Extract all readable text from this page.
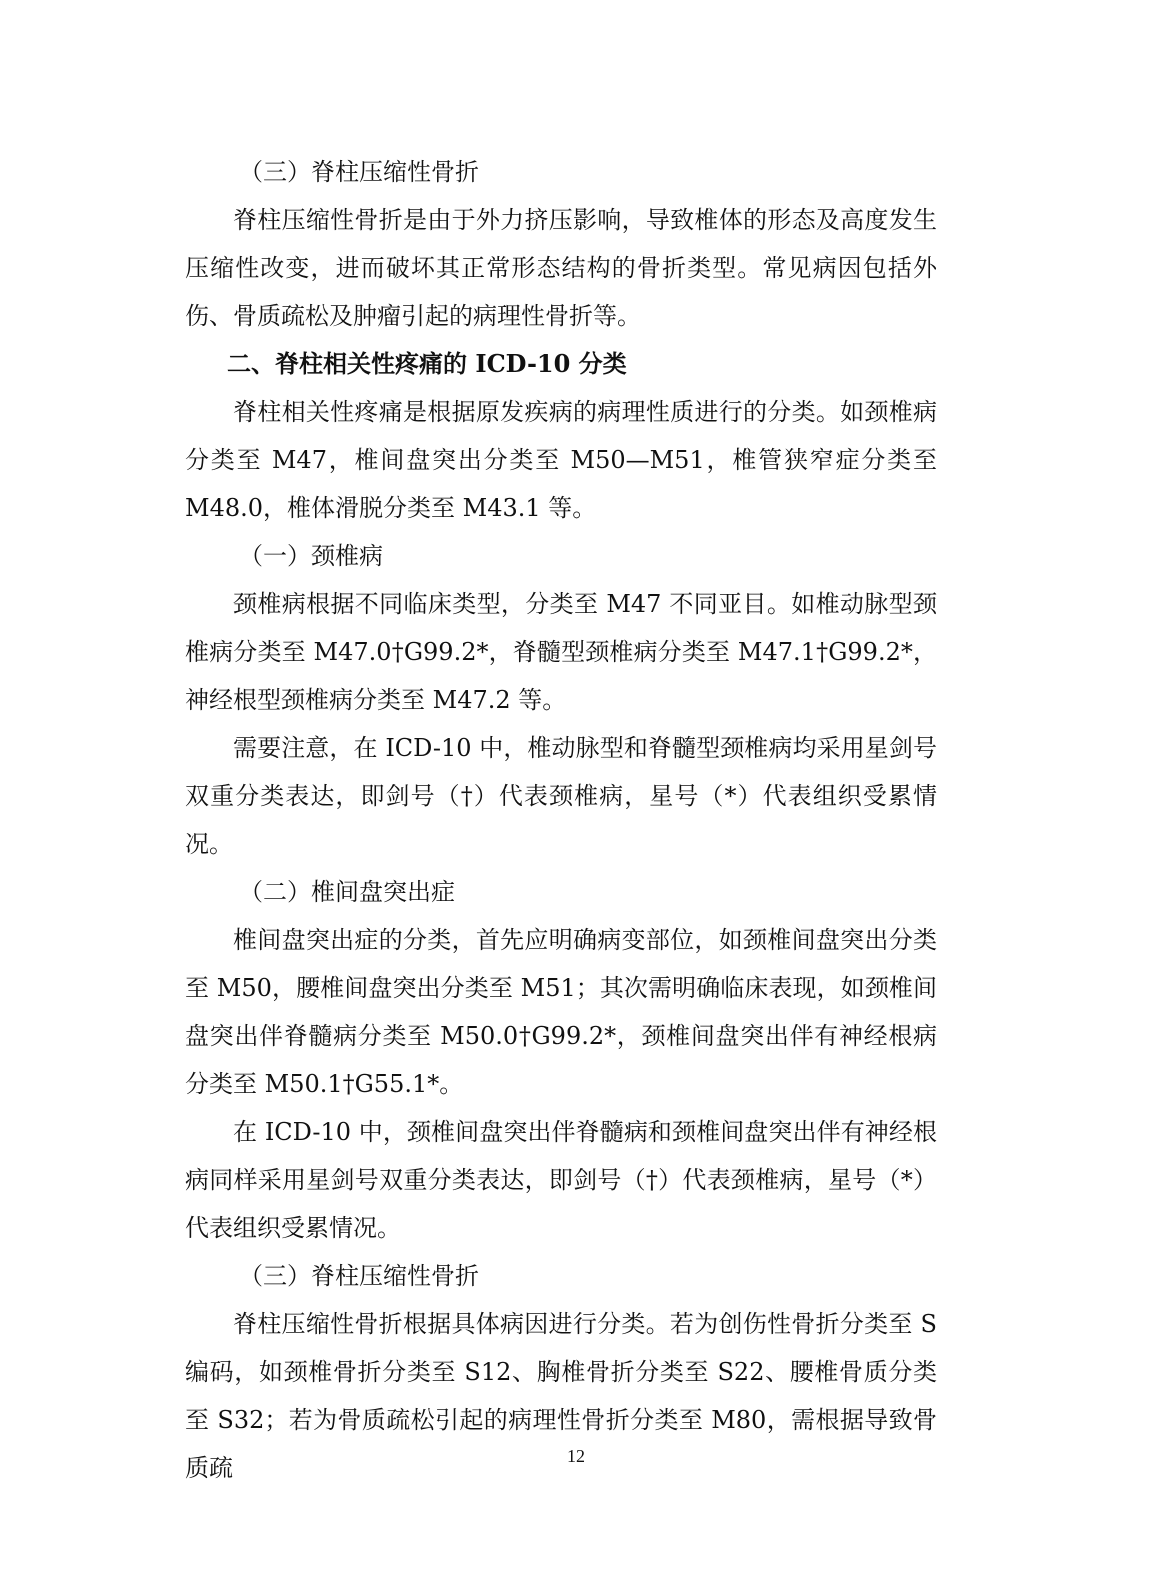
（三）脊柱压缩性骨折

脊柱压缩性骨折是由于外力挤压影响，导致椎体的形态及高度发生压缩性改变，进而破坏其正常形态结构的骨折类型。常见病因包括外伤、骨质疏松及肿瘤引起的病理性骨折等。

二、脊柱相关性疼痛的 ICD-10 分类

脊柱相关性疼痛是根据原发疾病的病理性质进行的分类。如颈椎病分类至 M47，椎间盘突出分类至 M50—M51，椎管狭窄症分类至 M48.0，椎体滑脱分类至 M43.1 等。

（一）颈椎病

颈椎病根据不同临床类型，分类至 M47 不同亚目。如椎动脉型颈椎病分类至 M47.0†G99.2*，脊髓型颈椎病分类至 M47.1†G99.2*，神经根型颈椎病分类至 M47.2 等。

需要注意，在 ICD-10 中，椎动脉型和脊髓型颈椎病均采用星剑号双重分类表达，即剑号（†）代表颈椎病，星号（*）代表组织受累情况。

（二）椎间盘突出症

椎间盘突出症的分类，首先应明确病变部位，如颈椎间盘突出分类至 M50，腰椎间盘突出分类至 M51；其次需明确临床表现，如颈椎间盘突出伴脊髓病分类至 M50.0†G99.2*，颈椎间盘突出伴有神经根病分类至 M50.1†G55.1*。

在 ICD-10 中，颈椎间盘突出伴脊髓病和颈椎间盘突出伴有神经根病同样采用星剑号双重分类表达，即剑号（†）代表颈椎病，星号（*）代表组织受累情况。

（三）脊柱压缩性骨折

脊柱压缩性骨折根据具体病因进行分类。若为创伤性骨折分类至 S 编码，如颈椎骨折分类至 S12、胸椎骨折分类至 S22、腰椎骨质分类至 S32；若为骨质疏松引起的病理性骨折分类至 M80，需根据导致骨质疏	12
